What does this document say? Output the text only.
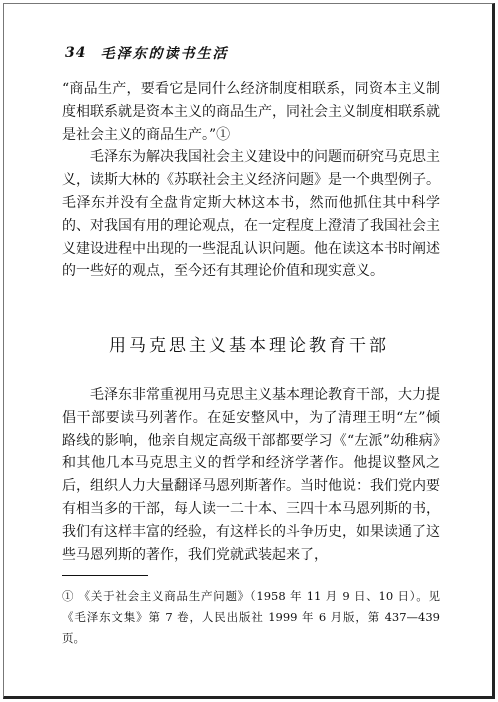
34 毛泽东的读书生活

“商品生产，要看它是同什么经济制度相联系，同资本主义制度相联系就是资本主义的商品生产，同社会主义制度相联系就是社会主义的商品生产。”①

毛泽东为解决我国社会主义建设中的问题而研究马克思主义，读斯大林的《苏联社会主义经济问题》是一个典型例子。毛泽东并没有全盘肯定斯大林这本书，然而他抓住其中科学的、对我国有用的理论观点，在一定程度上澄清了我国社会主义建设进程中出现的一些混乱认识问题。他在读这本书时阐述的一些好的观点，至今还有其理论价值和现实意义。

用马克思主义基本理论教育干部

毛泽东非常重视用马克思主义基本理论教育干部，大力提倡干部要读马列著作。在延安整风中，为了清理王明“左”倾路线的影响，他亲自规定高级干部都要学习《“左派”幼稚病》和其他几本马克思主义的哲学和经济学著作。他提议整风之后，组织人力大量翻译马恩列斯著作。当时他说：我们党内要有相当多的干部，每人读一二十本、三四十本马恩列斯的书，我们有这样丰富的经验，有这样长的斗争历史，如果读通了这些马恩列斯的著作，我们党就武装起来了，

① 《关于社会主义商品生产问题》（1958 年 11 月 9 日、10 日）。见《毛泽东文集》第 7 卷，人民出版社 1999 年 6 月版，第 437—439 页。
